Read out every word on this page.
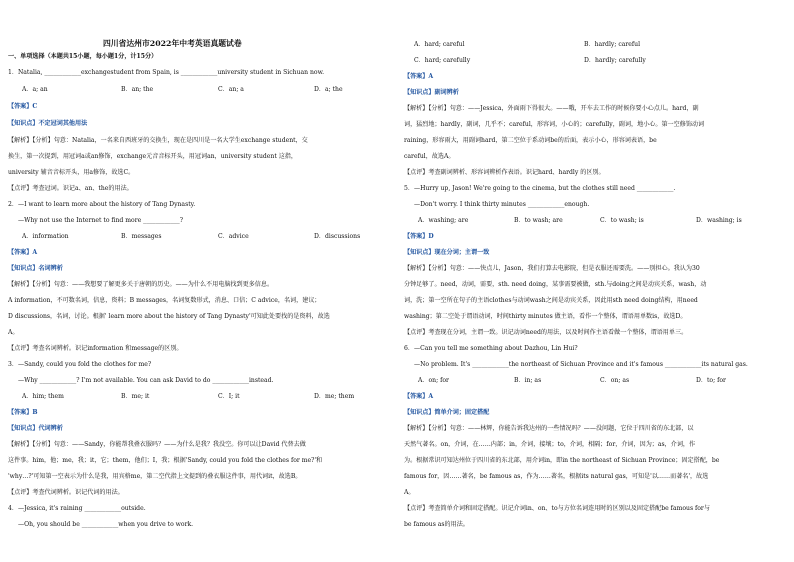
四川省达州市2022年中考英语真题试卷
一、单项选择（本题共15小题，每小题1分，计15分）
1．Natalia, ____________exchangestudent from Spain, is ____________university student in Sichuan now.
A．a; an	B．an; the	C．an; a	D．a; the
【答案】C
【知识点】不定冠词其他用法
【解析】【分析】句意：Natalia，一名来自西班牙的交换生，现在是四川是一名大学生exchange student，交
换生，第一次提到，用冠词a或an修饰，exchange元音音标开头，用冠词an，university student 这指，
university 辅音音标开头，用a修饰，故选C。
【点评】考查冠词。识记a、an、the的用法。
2．—I want to learn more about the history of Tang Dynasty.
—Why not use the Internet to find more ____________?
A．information	B．messages	C．advice	D．discussions
【答案】A
【知识点】名词辨析
【解析】【分析】句意：——我想要了解更多关于唐朝的历史。——为什么不用电脑找到更多信息。
A information，不可数名词，信息，资料；B messages，名词复数形式，消息、口信；C advice，名词，建议；
D discussions，名词，讨论。根据' learn more about the history of Tang Dynasty'可知此处要找的是资料，故选
A。
【点评】考查名词辨析。识记information 和message的区别。
3．—Sandy, could you fold the clothes for me?
—Why ____________? I'm not available. You can ask David to do ____________instead.
A．him; them	B．me; it	C．I; it	D．me; them
【答案】B
【知识点】代词辨析
【解析】【分析】句意：——Sandy，你能帮我叠衣服吗？——为什么是我？我没空。你可以让David 代替去做
这件事。him，他；me，我；it，它；them，他们；I，我；根据'Sandy, could you fold the clothes for me?'和
'why…?'可知第一空表示为什么是我，用宾格me，第二空代指上文提到的叠衣服这件事，用代词it，故选B。
【点评】考查代词辨析。识记代词的用法。
4．—Jessica, it's raining ____________outside.
—Oh, you should be ____________when you drive to work.
A．hard; careful	B．hardly; careful
C．hard; carefully	D．hardly; carefully
【答案】A
【知识点】副词辨析
【解析】【分析】句意：——Jessica，外面雨下得很大。——哦，开车去工作的时候你要小心点儿。hard，副
词，猛烈地；hardly，副词，几乎不；careful，形容词，小心的；carefully，副词，地小心。第一空修饰动词
raining，形容雨大，用副词hard，第二空位于系动词be的后面，表示小心，形容词表语，be
careful，故选A。
【点评】考查副词辨析、形容词辨析作表语。识记hard、hardly 的区别。
5．—Hurry up, Jason! We're going to the cinema, but the clothes still need ____________.
—Don't worry. I think thirty minutes ____________enough.
A．washing; are	B．to wash; are	C．to wash; is	D．washing; is
【答案】D
【知识点】现在分词；主谓一致
【解析】【分析】句意：——快点儿，Jason，我们打算去电影院，但是衣服还需要洗。——别担心。我认为30
分钟足够了。need，动词，需要，sth. need doing，某事需要被做，sth.与doing之间是动宾关系，wash，动
词，洗；第一空所在句子的主语clothes与动词wash之间是动宾关系，因此用sth need doing结构，用need
washing；第二空处于谓语动词，时间thirty minutes 做主语，看作一个整体，谓语用单数is，故选D。
【点评】考查现在分词，主谓一致。识记动词need的用法，以及时间作主语看做一个整体，谓语用单三。
6．—Can you tell me something about Dazhou, Lin Hui?
—No problem. It's ____________the northeast of Sichuan Province and it's famous ____________its natural gas.
A．on; for	B．in; as	C．on; as	D．to; for
【答案】A
【知识点】简单介词；固定搭配
【解析】【分析】句意：——林辉，你能告诉我达州的一些情况吗？——没问题，它位于四川省的东北部，以
天然气著名。on，介词，在……内部；in，介词，接壤；to，介词，相隔；for，介词，因为；as，介词，作
为。根据常识可知达州位于四川省的东北部，用介词in，即in the northeast of Sichuan Province；固定搭配，be
famous for，因……著名，be famous as，作为……著名，根据its natural gas，可知是'以……而著名'，故选
A。
【点评】考查简单介词和固定搭配。识记介词in、on、to与方位名词连用时的区别以及固定搭配be famous for与
be famous as的用法。
